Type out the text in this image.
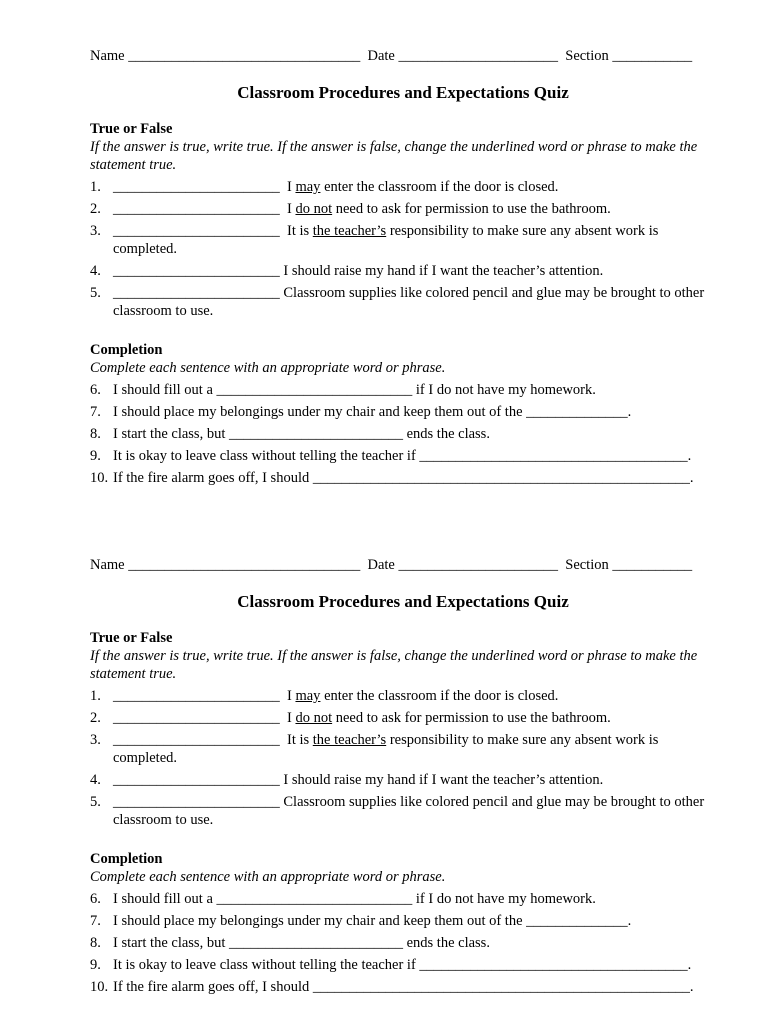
Name ________________________________ Date ______________________ Section ___________
Classroom Procedures and Expectations Quiz
True or False
If the answer is true, write true. If the answer is false, change the underlined word or phrase to make the statement true.
1. _______________________  I may enter the classroom if the door is closed.
2. _______________________  I do not need to ask for permission to use the bathroom.
3. _______________________  It is the teacher’s responsibility to make sure any absent work is completed.
4. _______________________ I should raise my hand if I want the teacher’s attention.
5. _______________________ Classroom supplies like colored pencil and glue may be brought to other classroom to use.
Completion
Complete each sentence with an appropriate word or phrase.
6. I should fill out a ___________________________ if I do not have my homework.
7. I should place my belongings under my chair and keep them out of the ______________.
8. I start the class, but ________________________ ends the class.
9. It is okay to leave class without telling the teacher if _____________________________________.
10. If the fire alarm goes off, I should ____________________________________________________.
Name ________________________________ Date ______________________ Section ___________
Classroom Procedures and Expectations Quiz
True or False
If the answer is true, write true. If the answer is false, change the underlined word or phrase to make the statement true.
1. _______________________  I may enter the classroom if the door is closed.
2. _______________________  I do not need to ask for permission to use the bathroom.
3. _______________________  It is the teacher’s responsibility to make sure any absent work is completed.
4. _______________________ I should raise my hand if I want the teacher’s attention.
5. _______________________ Classroom supplies like colored pencil and glue may be brought to other classroom to use.
Completion
Complete each sentence with an appropriate word or phrase.
6. I should fill out a ___________________________ if I do not have my homework.
7. I should place my belongings under my chair and keep them out of the ______________.
8. I start the class, but ________________________ ends the class.
9. It is okay to leave class without telling the teacher if _____________________________________.
10. If the fire alarm goes off, I should ____________________________________________________.
